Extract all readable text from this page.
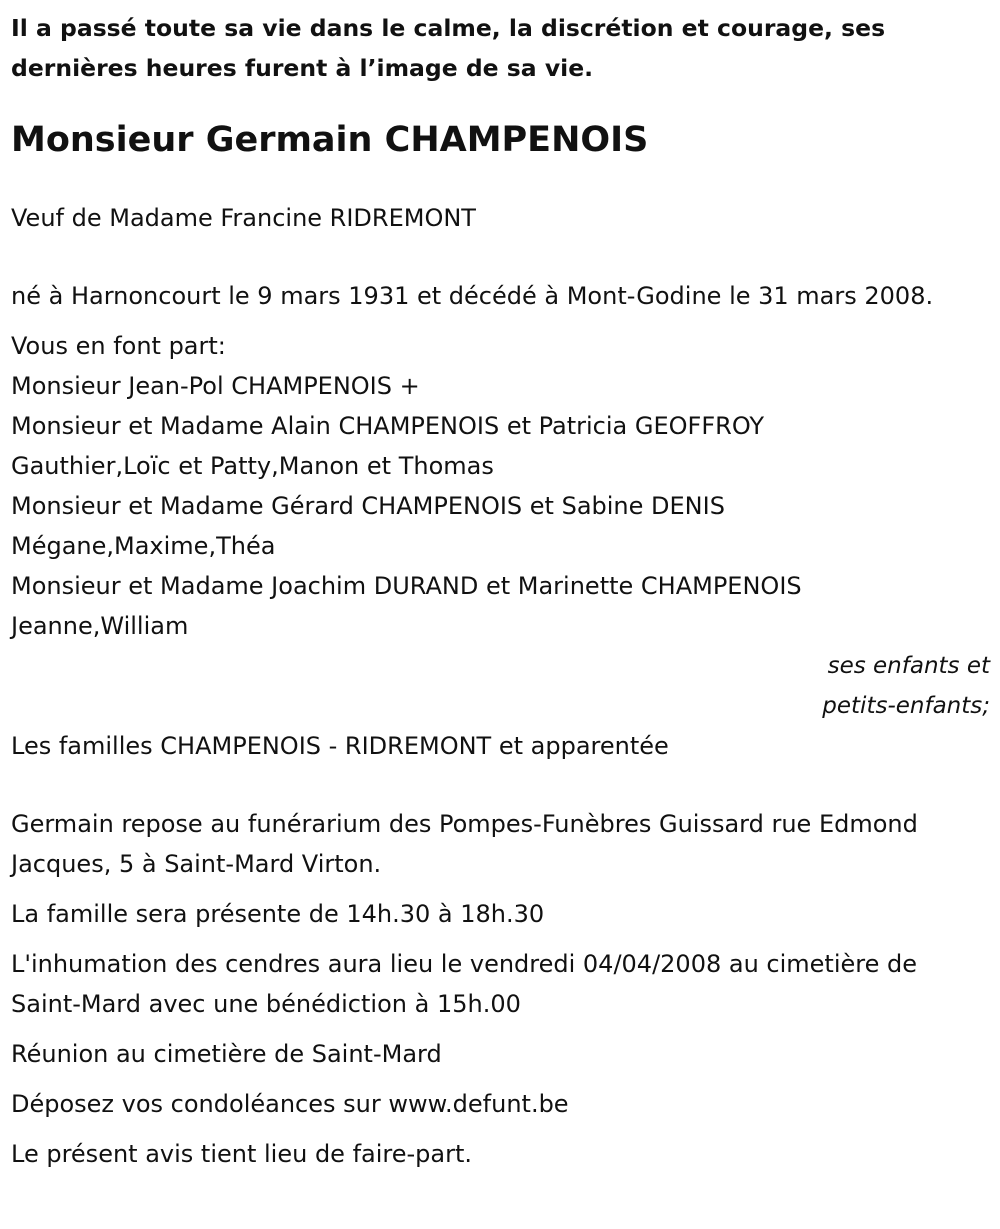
Il a passé toute sa vie dans le calme, la discrétion et courage, ses dernières heures furent à l’image de sa vie.

Monsieur Germain CHAMPENOIS

Veuf de Madame Francine RIDREMONT

né à Harnoncourt le 9 mars 1931 et décédé à Mont-Godine le 31 mars 2008.

Vous en font part:

Monsieur Jean-Pol CHAMPENOIS +

Monsieur et Madame Alain CHAMPENOIS et Patricia GEOFFROY

Gauthier,Loïc et Patty,Manon et Thomas

Monsieur et Madame Gérard CHAMPENOIS et Sabine DENIS

Mégane,Maxime,Théa

Monsieur et Madame Joachim DURAND et Marinette CHAMPENOIS

Jeanne,William

ses enfants et

petits-enfants;

Les familles CHAMPENOIS - RIDREMONT et apparentée

Germain repose au funérarium des Pompes-Funèbres Guissard rue Edmond Jacques, 5 à Saint-Mard Virton.

La famille sera présente de 14h.30 à 18h.30

L'inhumation des cendres aura lieu le vendredi 04/04/2008 au cimetière de Saint-Mard avec une bénédiction à 15h.00

Réunion au cimetière de Saint-Mard

Déposez vos condoléances sur www.defunt.be

Le présent avis tient lieu de faire-part.
